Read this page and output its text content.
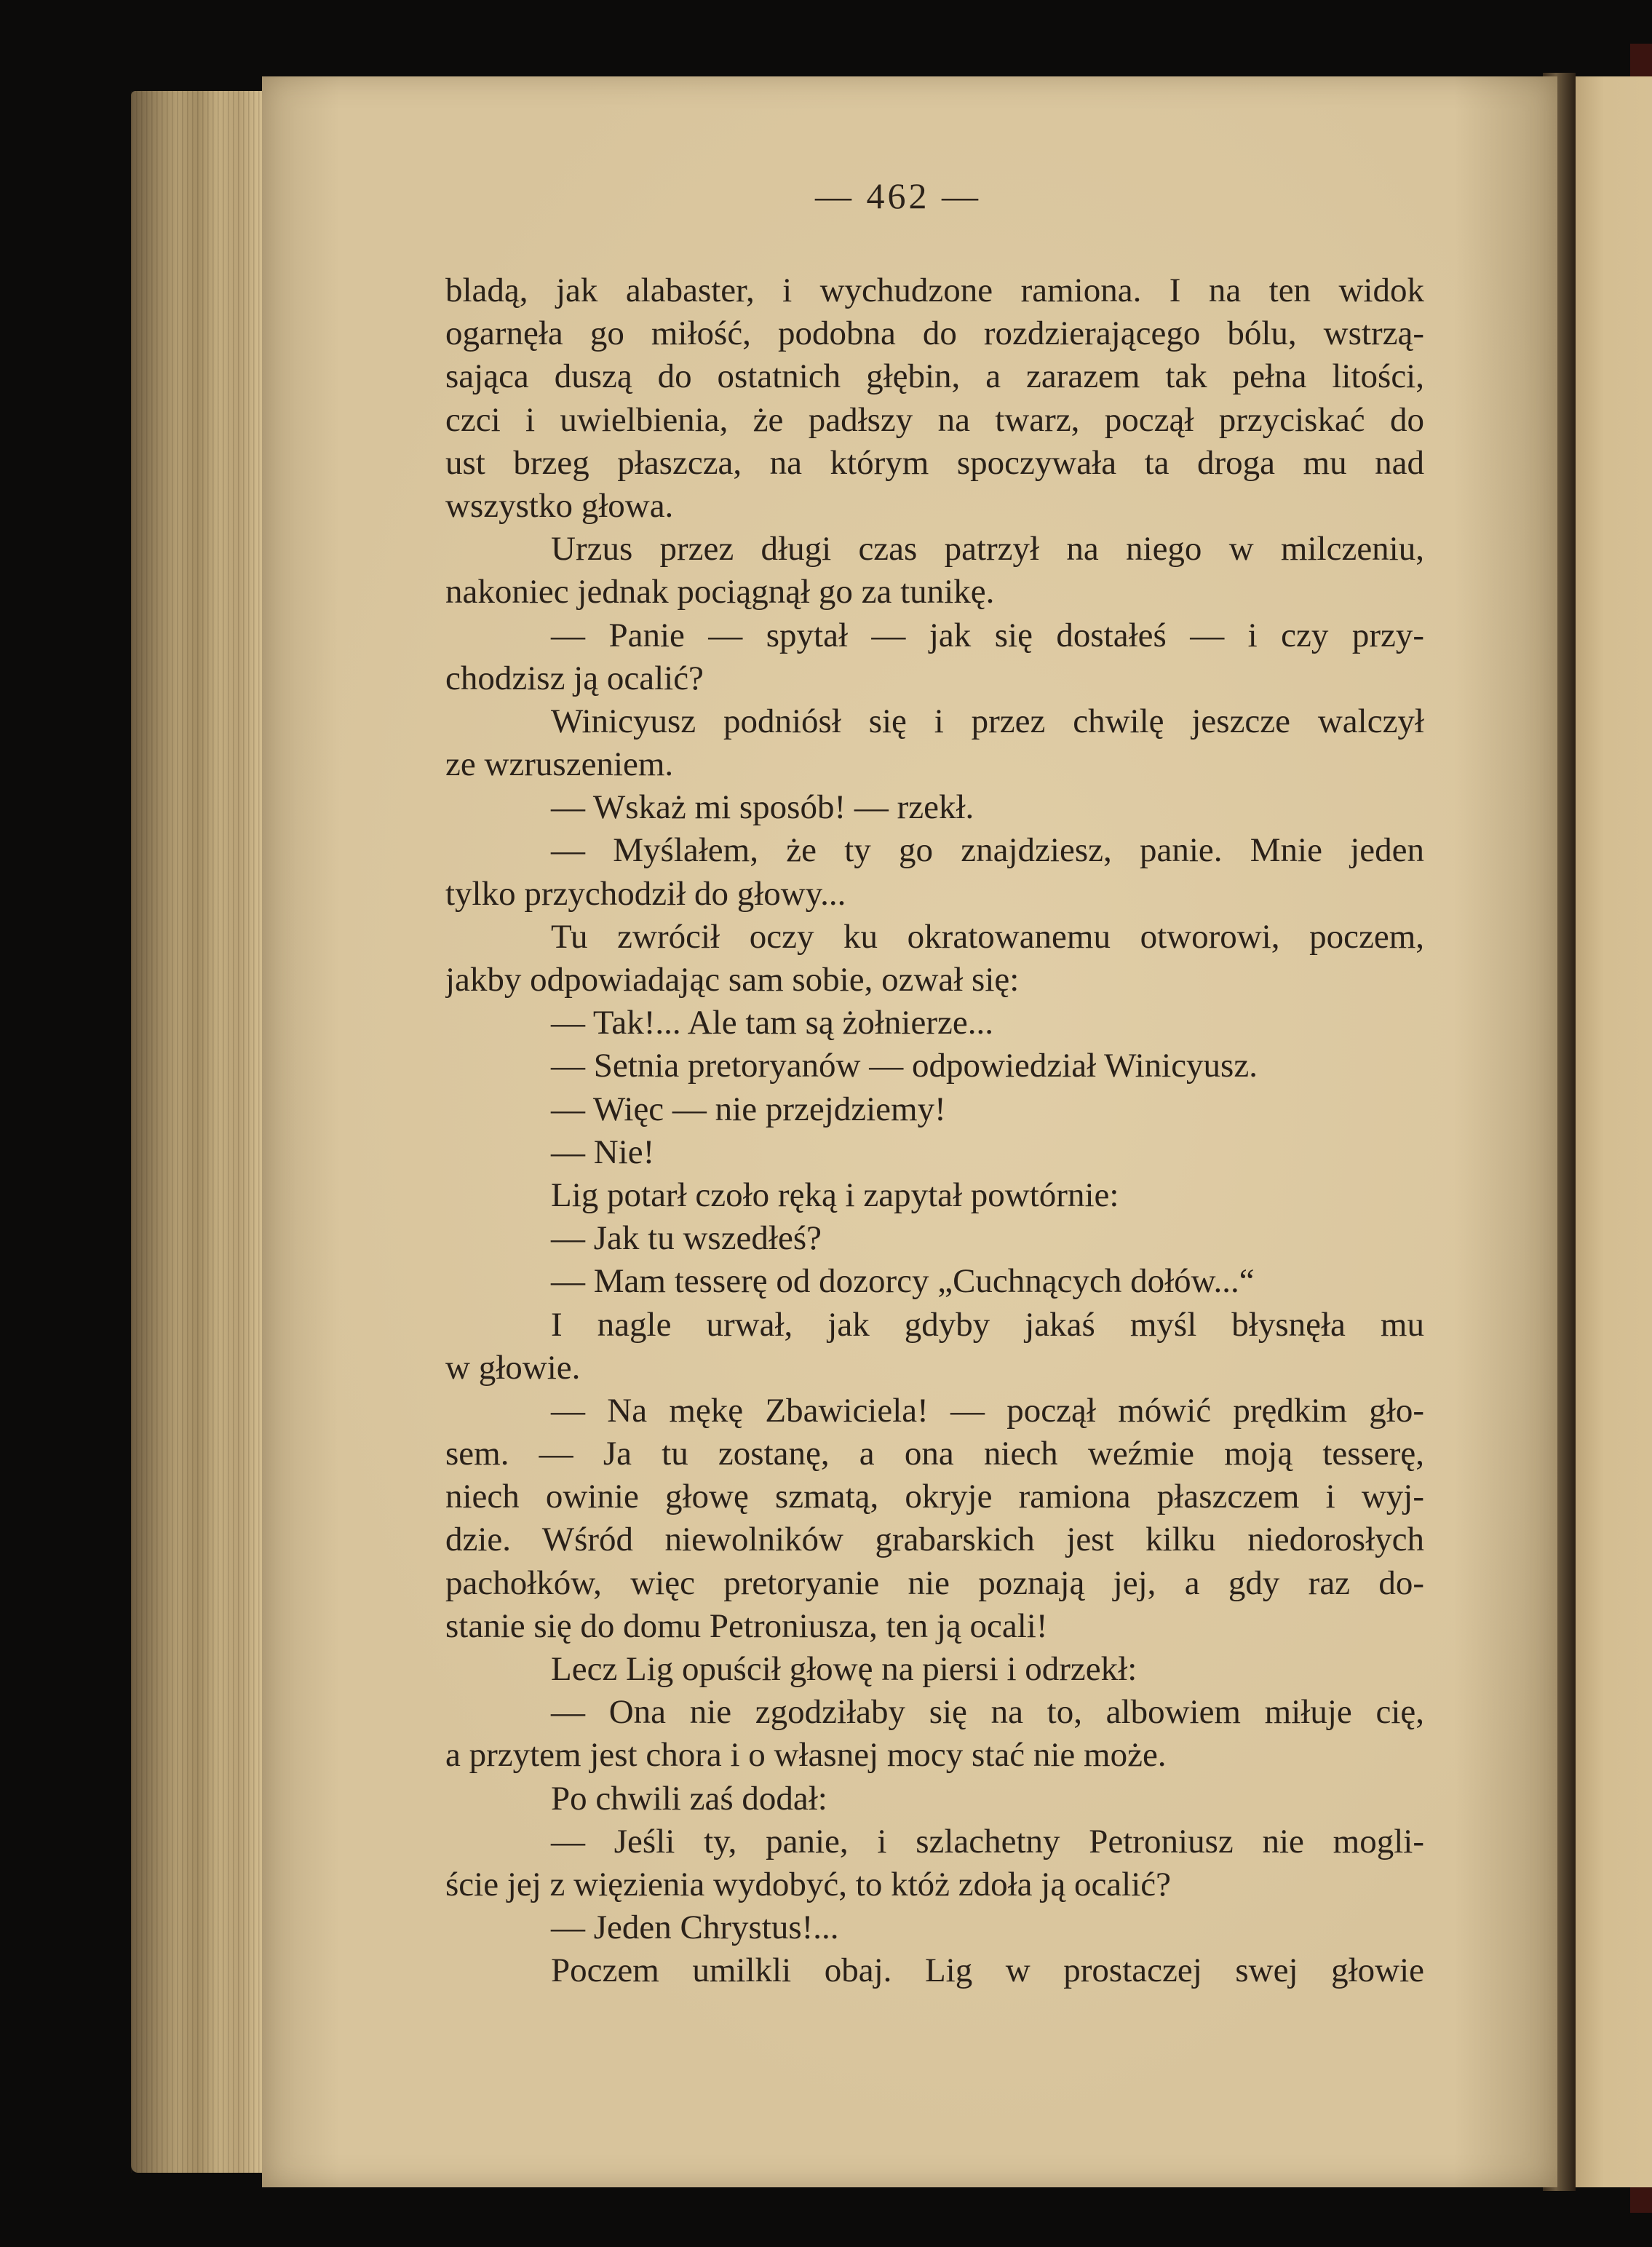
— 462 —
bladą, jak alabaster, i wychudzone ramiona. I na ten widok
ogarnęła go miłość, podobna do rozdzierającego bólu, wstrzą-
sająca duszą do ostatnich głębin, a zarazem tak pełna litości,
czci i uwielbienia, że padłszy na twarz, począł przyciskać do
ust brzeg płaszcza, na którym spoczywała ta droga mu nad
wszystko głowa.
Urzus przez długi czas patrzył na niego w milczeniu,
nakoniec jednak pociągnął go za tunikę.
— Panie — spytał — jak się dostałeś — i czy przy-
chodzisz ją ocalić?
Winicyusz podniósł się i przez chwilę jeszcze walczył
ze wzruszeniem.
— Wskaż mi sposób! — rzekł.
— Myślałem, że ty go znajdziesz, panie. Mnie jeden
tylko przychodził do głowy...
Tu zwrócił oczy ku okratowanemu otworowi, poczem,
jakby odpowiadając sam sobie, ozwał się:
— Tak!... Ale tam są żołnierze...
— Setnia pretoryanów — odpowiedział Winicyusz.
— Więc — nie przejdziemy!
— Nie!
Lig potarł czoło ręką i zapytał powtórnie:
— Jak tu wszedłeś?
— Mam tesserę od dozorcy „Cuchnących dołów...“
I nagle urwał, jak gdyby jakaś myśl błysnęła mu
w głowie.
— Na mękę Zbawiciela! — począł mówić prędkim gło-
sem. — Ja tu zostanę, a ona niech weźmie moją tesserę,
niech owinie głowę szmatą, okryje ramiona płaszczem i wyj-
dzie. Wśród niewolników grabarskich jest kilku niedorosłych
pachołków, więc pretoryanie nie poznają jej, a gdy raz do-
stanie się do domu Petroniusza, ten ją ocali!
Lecz Lig opuścił głowę na piersi i odrzekł:
— Ona nie zgodziłaby się na to, albowiem miłuje cię,
a przytem jest chora i o własnej mocy stać nie może.
Po chwili zaś dodał:
— Jeśli ty, panie, i szlachetny Petroniusz nie mogli-
ście jej z więzienia wydobyć, to któż zdoła ją ocalić?
— Jeden Chrystus!...
Poczem umilkli obaj. Lig w prostaczej swej głowie
